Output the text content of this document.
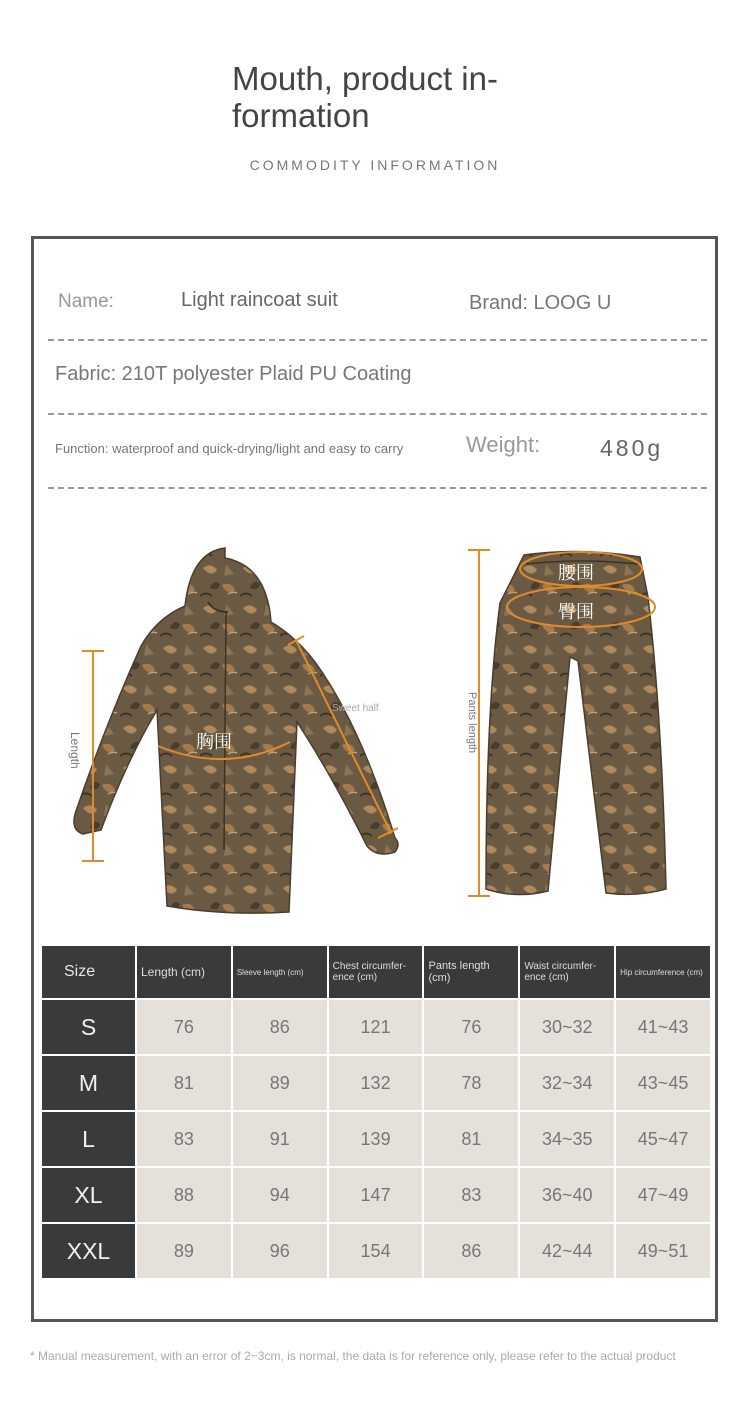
Mouth, product in-formation
COMMODITY INFORMATION
Name:	Light raincoat suit	Brand: LOOG U
Fabric: 210T polyester Plaid PU Coating
Function: waterproof and quick-drying/light and easy to carry	Weight:	480g
Length
Sweet half
胸围	Pants length
腰围
臀围
Size	Length (cm)	Sleeve length (cm)	Chest circumfer-ence (cm)	Pants length (cm)	Waist circumfer-ence (cm)	Hip circumference (cm)
S	76	86	121	76	30~32	41~43
M	81	89	132	78	32~34	43~45
L	83	91	139	81	34~35	45~47
XL	88	94	147	83	36~40	47~49
XXL	89	96	154	86	42~44	49~51
* Manual measurement, with an error of 2~3cm, is normal, the data is for reference only, please refer to the actual product
